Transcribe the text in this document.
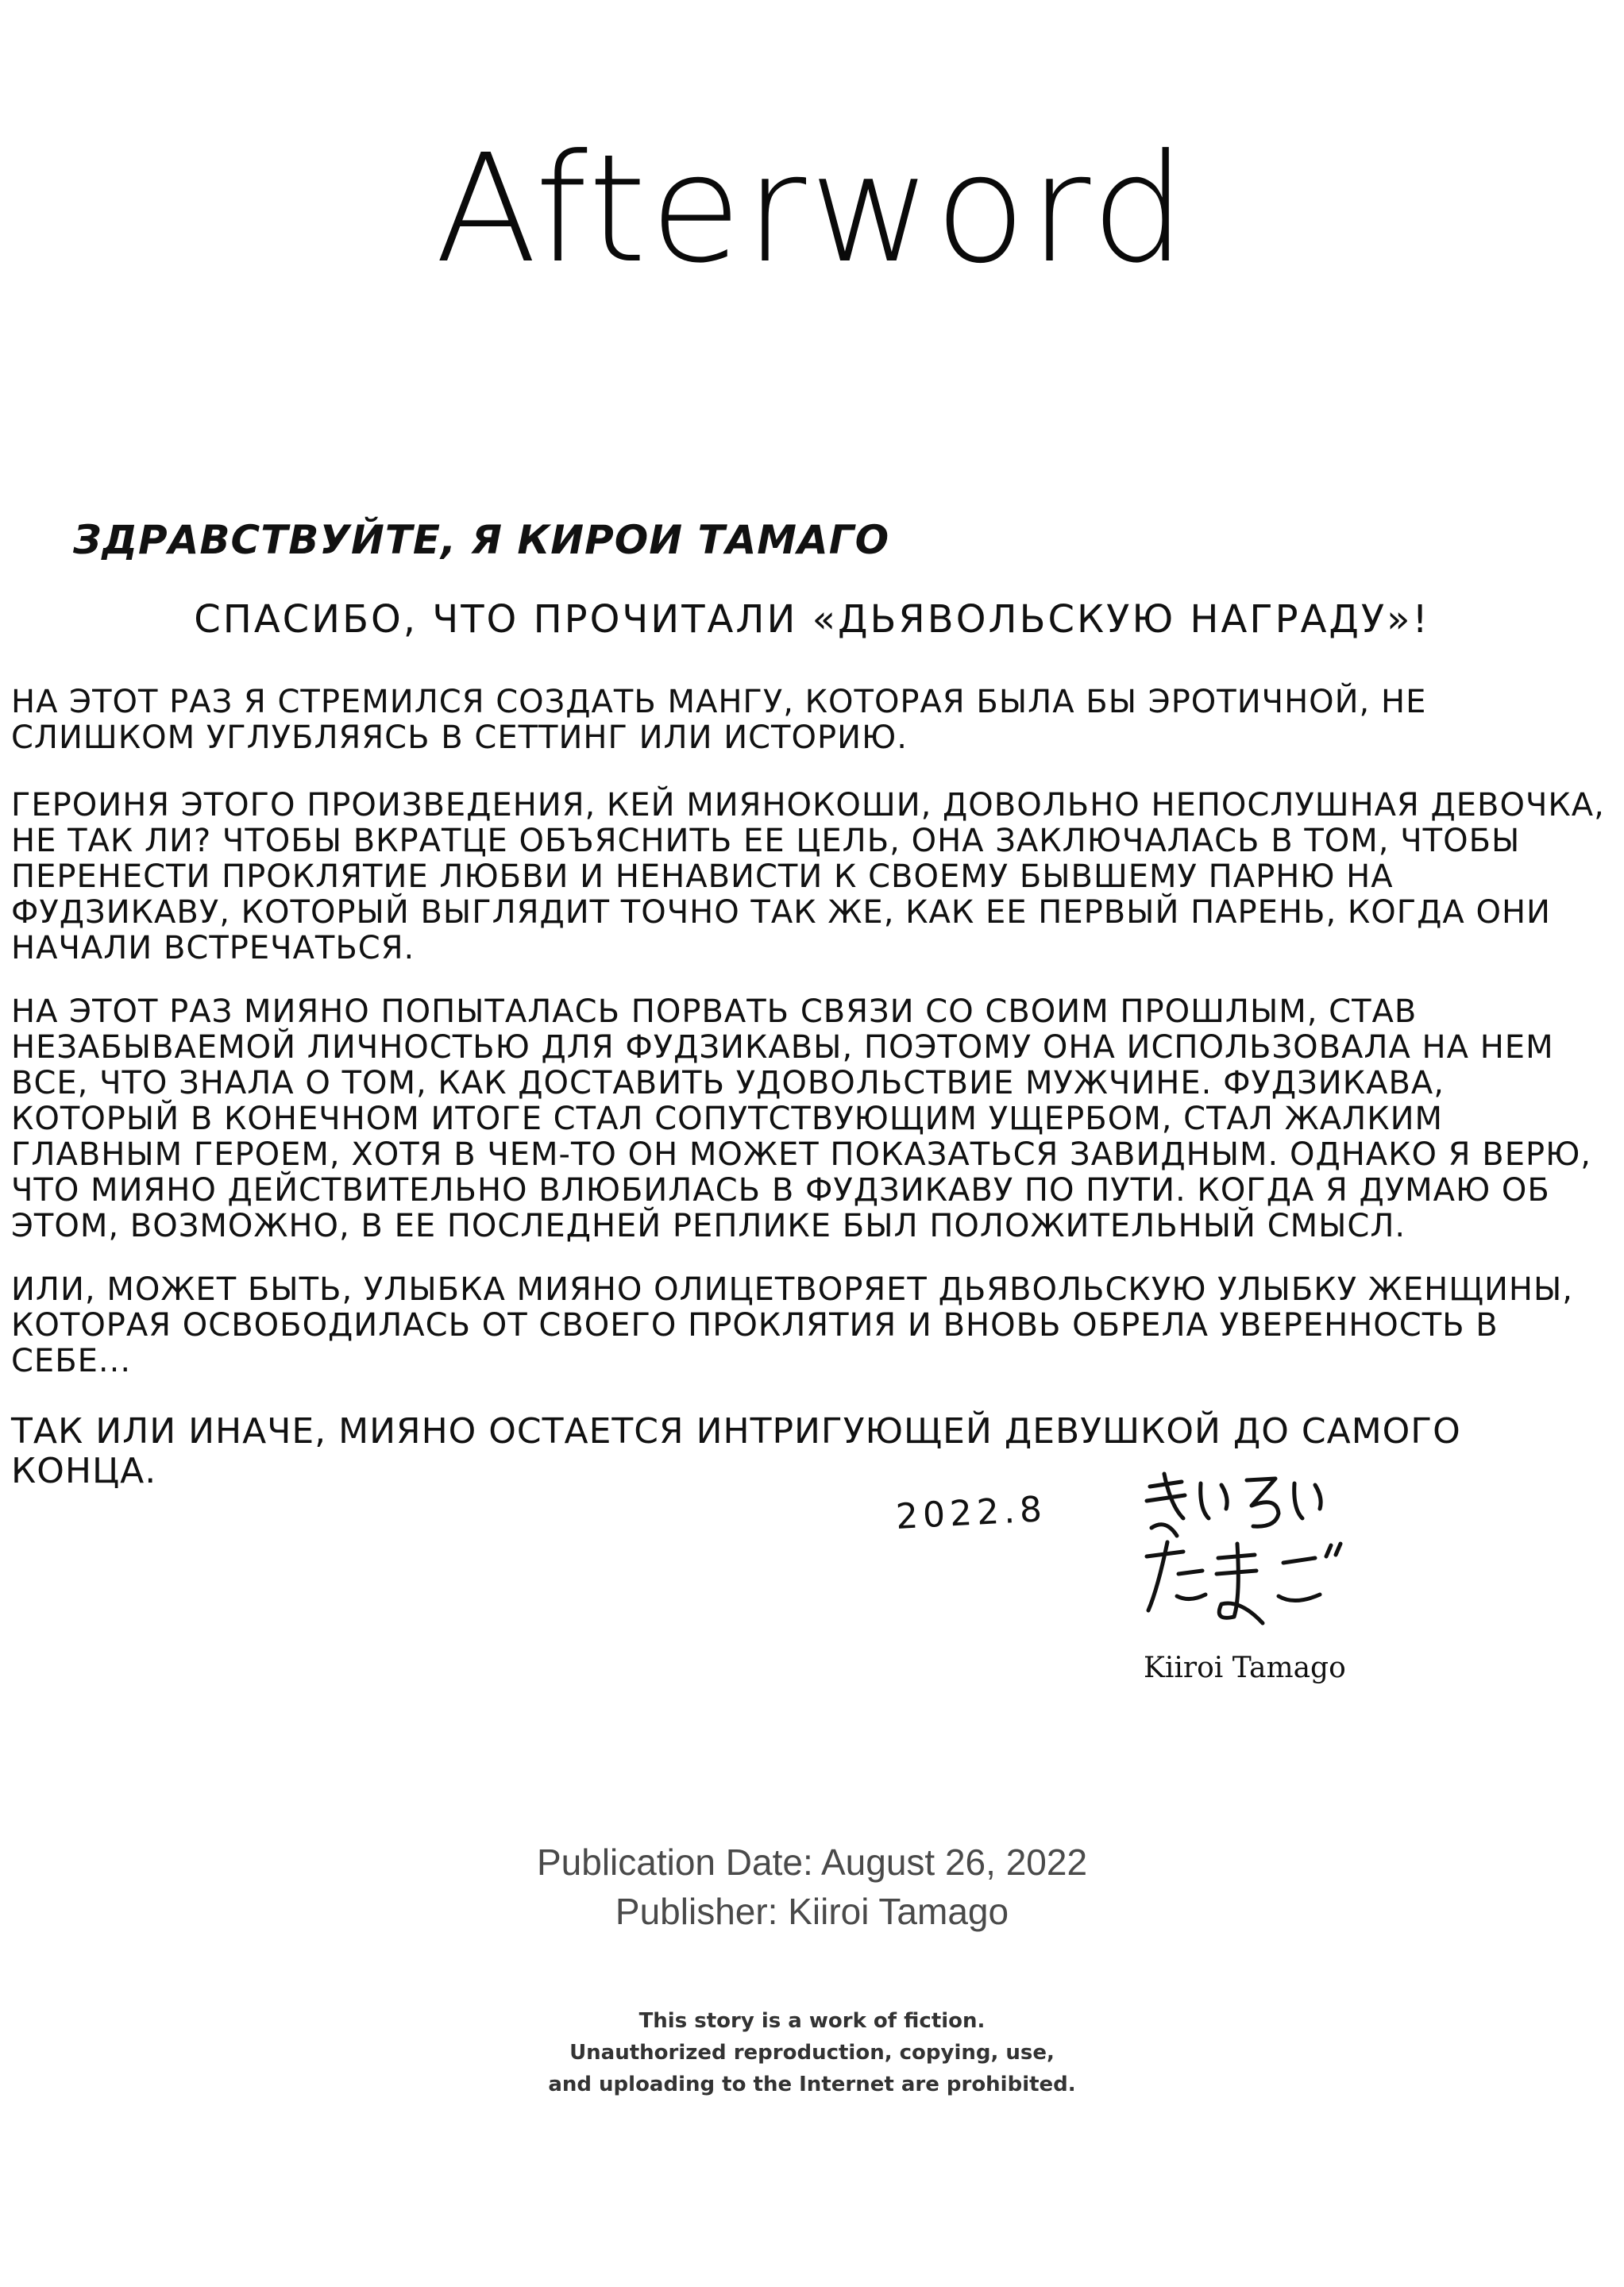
Afterword

ЗДРАВСТВУЙТЕ, Я КИРОИ ТАМАГО

СПАСИБО, ЧТО ПРОЧИТАЛИ «ДЬЯВОЛЬСКУЮ НАГРАДУ»!

НА ЭТОТ РАЗ Я СТРЕМИЛСЯ СОЗДАТЬ МАНГУ, КОТОРАЯ БЫЛА БЫ ЭРОТИЧНОЙ, НЕ СЛИШКОМ УГЛУБЛЯЯСЬ В СЕТТИНГ ИЛИ ИСТОРИЮ.

ГЕРОИНЯ ЭТОГО ПРОИЗВЕДЕНИЯ, КЕЙ МИЯНОКОШИ, ДОВОЛЬНО НЕПОСЛУШНАЯ ДЕВОЧКА, НЕ ТАК ЛИ? ЧТОБЫ ВКРАТЦЕ ОБЪЯСНИТЬ ЕЕ ЦЕЛЬ, ОНА ЗАКЛЮЧАЛАСЬ В ТОМ, ЧТОБЫ ПЕРЕНЕСТИ ПРОКЛЯТИЕ ЛЮБВИ И НЕНАВИСТИ К СВОЕМУ БЫВШЕМУ ПАРНЮ НА ФУДЗИКАВУ, КОТОРЫЙ ВЫГЛЯДИТ ТОЧНО ТАК ЖЕ, КАК ЕЕ ПЕРВЫЙ ПАРЕНЬ, КОГДА ОНИ НАЧАЛИ ВСТРЕЧАТЬСЯ.

НА ЭТОТ РАЗ МИЯНО ПОПЫТАЛАСЬ ПОРВАТЬ СВЯЗИ СО СВОИМ ПРОШЛЫМ, СТАВ НЕЗАБЫВАЕМОЙ ЛИЧНОСТЬЮ ДЛЯ ФУДЗИКАВЫ, ПОЭТОМУ ОНА ИСПОЛЬЗОВАЛА НА НЕМ ВСЕ, ЧТО ЗНАЛА О ТОМ, КАК ДОСТАВИТЬ УДОВОЛЬСТВИЕ МУЖЧИНЕ. ФУДЗИКАВА, КОТОРЫЙ В КОНЕЧНОМ ИТОГЕ СТАЛ СОПУТСТВУЮЩИМ УЩЕРБОМ, СТАЛ ЖАЛКИМ ГЛАВНЫМ ГЕРОЕМ, ХОТЯ В ЧЕМ-ТО ОН МОЖЕТ ПОКАЗАТЬСЯ ЗАВИДНЫМ. ОДНАКО Я ВЕРЮ, ЧТО МИЯНО ДЕЙСТВИТЕЛЬНО ВЛЮБИЛАСЬ В ФУДЗИКАВУ ПО ПУТИ. КОГДА Я ДУМАЮ ОБ ЭТОМ, ВОЗМОЖНО, В ЕЕ ПОСЛЕДНЕЙ РЕПЛИКЕ БЫЛ ПОЛОЖИТЕЛЬНЫЙ СМЫСЛ.

ИЛИ, МОЖЕТ БЫТЬ, УЛЫБКА МИЯНО ОЛИЦЕТВОРЯЕТ ДЬЯВОЛЬСКУЮ УЛЫБКУ ЖЕНЩИНЫ, КОТОРАЯ ОСВОБОДИЛАСЬ ОТ СВОЕГО ПРОКЛЯТИЯ И ВНОВЬ ОБРЕЛА УВЕРЕННОСТЬ В СЕБЕ...

ТАК ИЛИ ИНАЧЕ, МИЯНО ОСТАЕТСЯ ИНТРИГУЮЩЕЙ ДЕВУШКОЙ ДО САМОГО КОНЦА.

2022.8
Kiiroi Tamago
Publication Date: August 26, 2022
Publisher: Kiiroi Tamago
This story is a work of fiction.
Unauthorized reproduction, copying, use,
and uploading to the Internet are prohibited.
